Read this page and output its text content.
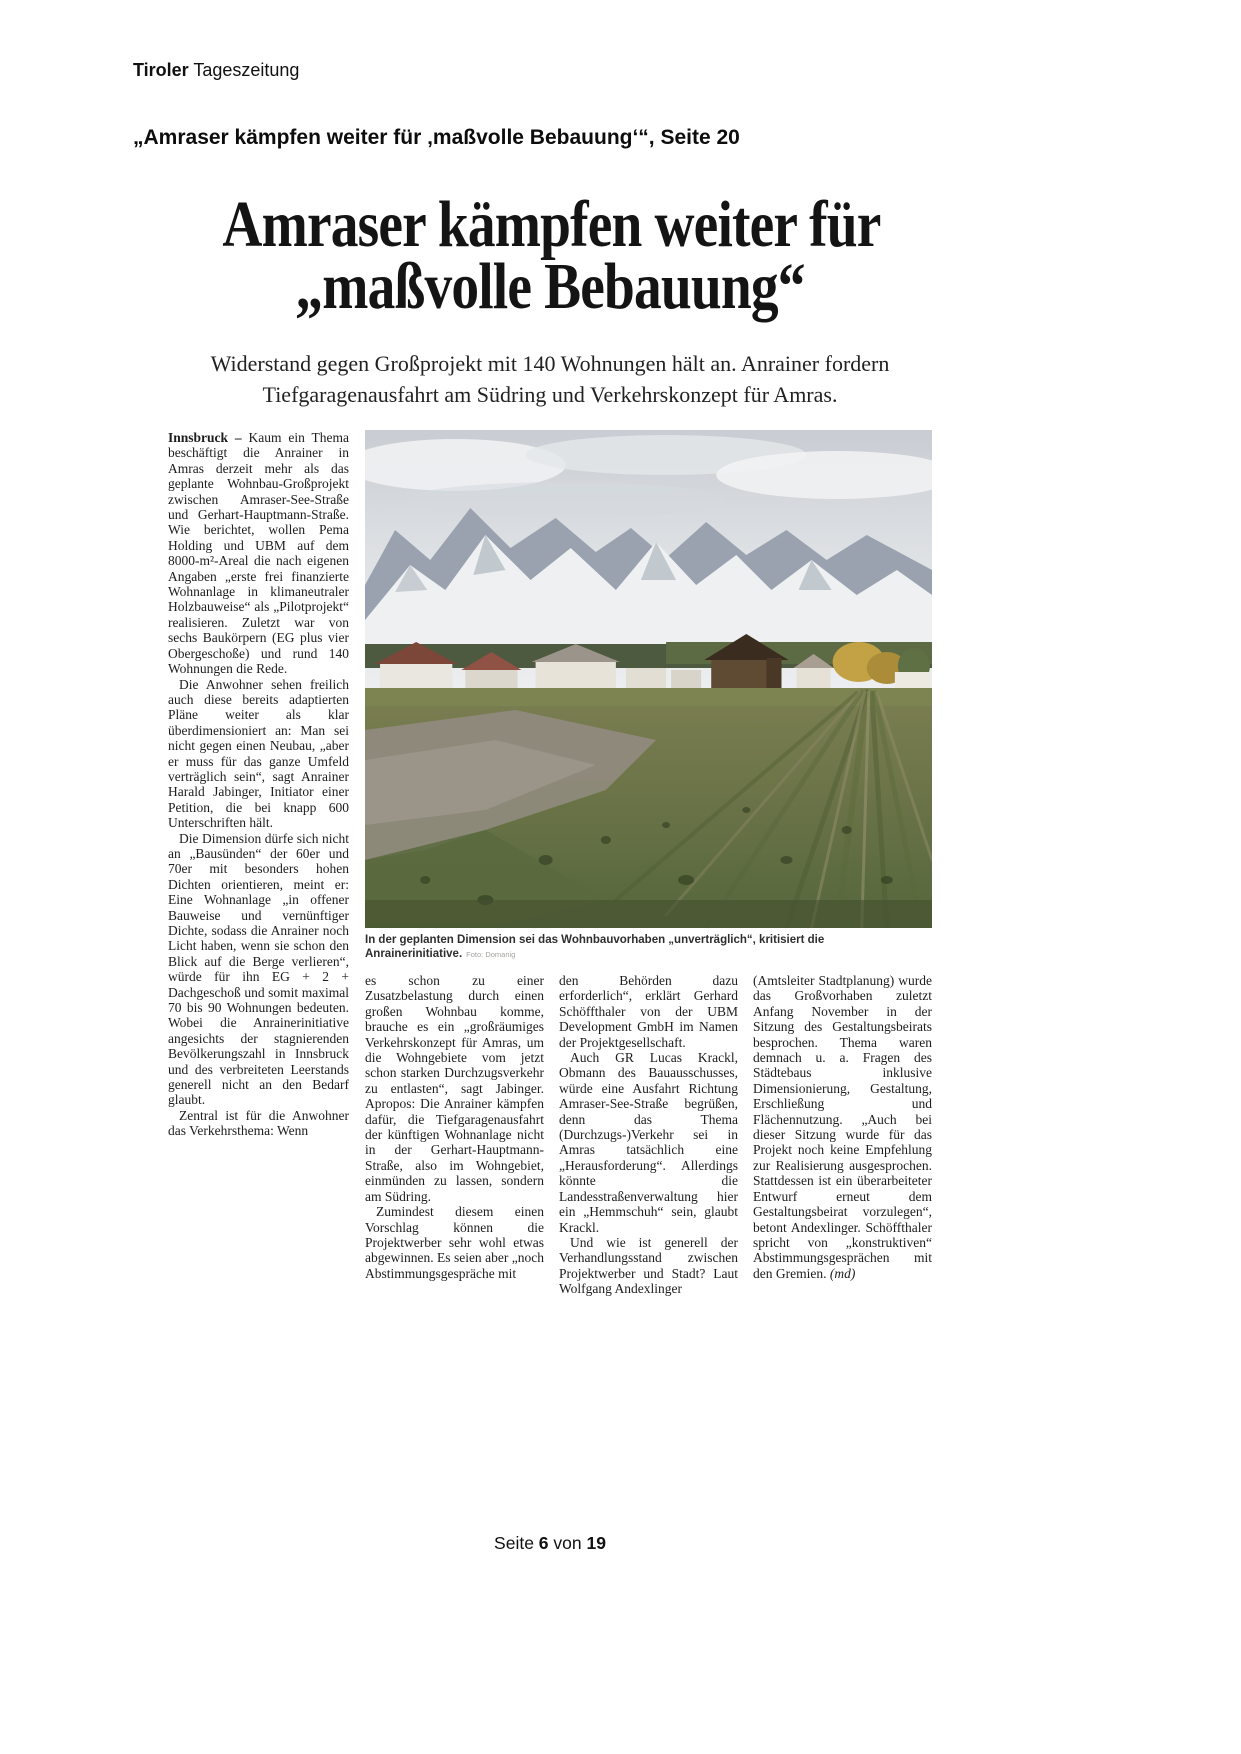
Tiroler Tageszeitung
„Amraser kämpfen weiter für ‚maßvolle Bebauung‘“, Seite 20
Amraser kämpfen weiter für
„maßvolle Bebauung“
Widerstand gegen Großprojekt mit 140 Wohnungen hält an. Anrainer fordern Tiefgaragenausfahrt am Südring und Verkehrskonzept für Amras.

Innsbruck – Kaum ein Thema beschäftigt die Anrainer in Amras derzeit mehr als das geplante Wohnbau-Großprojekt zwischen Amraser-See-Straße und Gerhart-Hauptmann-Straße. Wie berichtet, wollen Pema Holding und UBM auf dem 8000-m²-Areal die nach eigenen Angaben „erste frei finanzierte Wohnanlage in klimaneutraler Holzbauweise“ als „Pilotprojekt“ realisieren. Zuletzt war von sechs Baukörpern (EG plus vier Obergeschoße) und rund 140 Wohnungen die Rede.

Die Anwohner sehen freilich auch diese bereits adaptierten Pläne weiter als klar überdimensioniert an: Man sei nicht gegen einen Neubau, „aber er muss für das ganze Umfeld verträglich sein“, sagt Anrainer Harald Jabinger, Initiator einer Petition, die bei knapp 600 Unterschriften hält.

Die Dimension dürfe sich nicht an „Bausünden“ der 60er und 70er mit besonders hohen Dichten orientieren, meint er: Eine Wohnanlage „in offener Bauweise und vernünftiger Dichte, sodass die Anrainer noch Licht haben, wenn sie schon den Blick auf die Berge verlieren“, würde für ihn EG + 2 + Dachgeschoß und somit maximal 70 bis 90 Wohnungen bedeuten. Wobei die Anrainerinitiative angesichts der stagnierenden Bevölkerungszahl in Innsbruck und des verbreiteten Leerstands generell nicht an den Bedarf glaubt.

Zentral ist für die Anwohner das Verkehrsthema: Wenn

In der geplanten Dimension sei das Wohnbauvorhaben „unverträglich“, kritisiert die Anrainerinitiative. Foto: Domanig

es schon zu einer Zusatzbelastung durch einen großen Wohnbau komme, brauche es ein „großräumiges Verkehrskonzept für Amras, um die Wohngebiete vom jetzt schon starken Durchzugsverkehr zu entlasten“, sagt Jabinger. Apropos: Die Anrainer kämpfen dafür, die Tiefgaragenausfahrt der künftigen Wohnanlage nicht in der Gerhart-Hauptmann-Straße, also im Wohngebiet, einmünden zu lassen, sondern am Südring.

Zumindest diesem einen Vorschlag können die Projektwerber sehr wohl etwas abgewinnen. Es seien aber „noch Abstimmungsgespräche mit

den Behörden dazu erforderlich“, erklärt Gerhard Schöffthaler von der UBM Development GmbH im Namen der Projektgesellschaft.

Auch GR Lucas Krackl, Obmann des Bauausschusses, würde eine Ausfahrt Richtung Amraser-See-Straße begrüßen, denn das Thema (Durchzugs-)Verkehr sei in Amras tatsächlich eine „Herausforderung“. Allerdings könnte die Landesstraßenverwaltung hier ein „Hemmschuh“ sein, glaubt Krackl.

Und wie ist generell der Verhandlungsstand zwischen Projektwerber und Stadt? Laut Wolfgang Andexlinger

(Amtsleiter Stadtplanung) wurde das Großvorhaben zuletzt Anfang November in der Sitzung des Gestaltungsbeirats besprochen. Thema waren demnach u. a. Fragen des Städtebaus inklusive Dimensionierung, Gestaltung, Erschließung und Flächennutzung. „Auch bei dieser Sitzung wurde für das Projekt noch keine Empfehlung zur Realisierung ausgesprochen. Stattdessen ist ein überarbeiteter Entwurf erneut dem Gestaltungsbeirat vorzulegen“, betont Andexlinger. Schöffthaler spricht von „konstruktiven“ Abstimmungsgesprächen mit den Gremien. (md)

Seite 6 von 19
